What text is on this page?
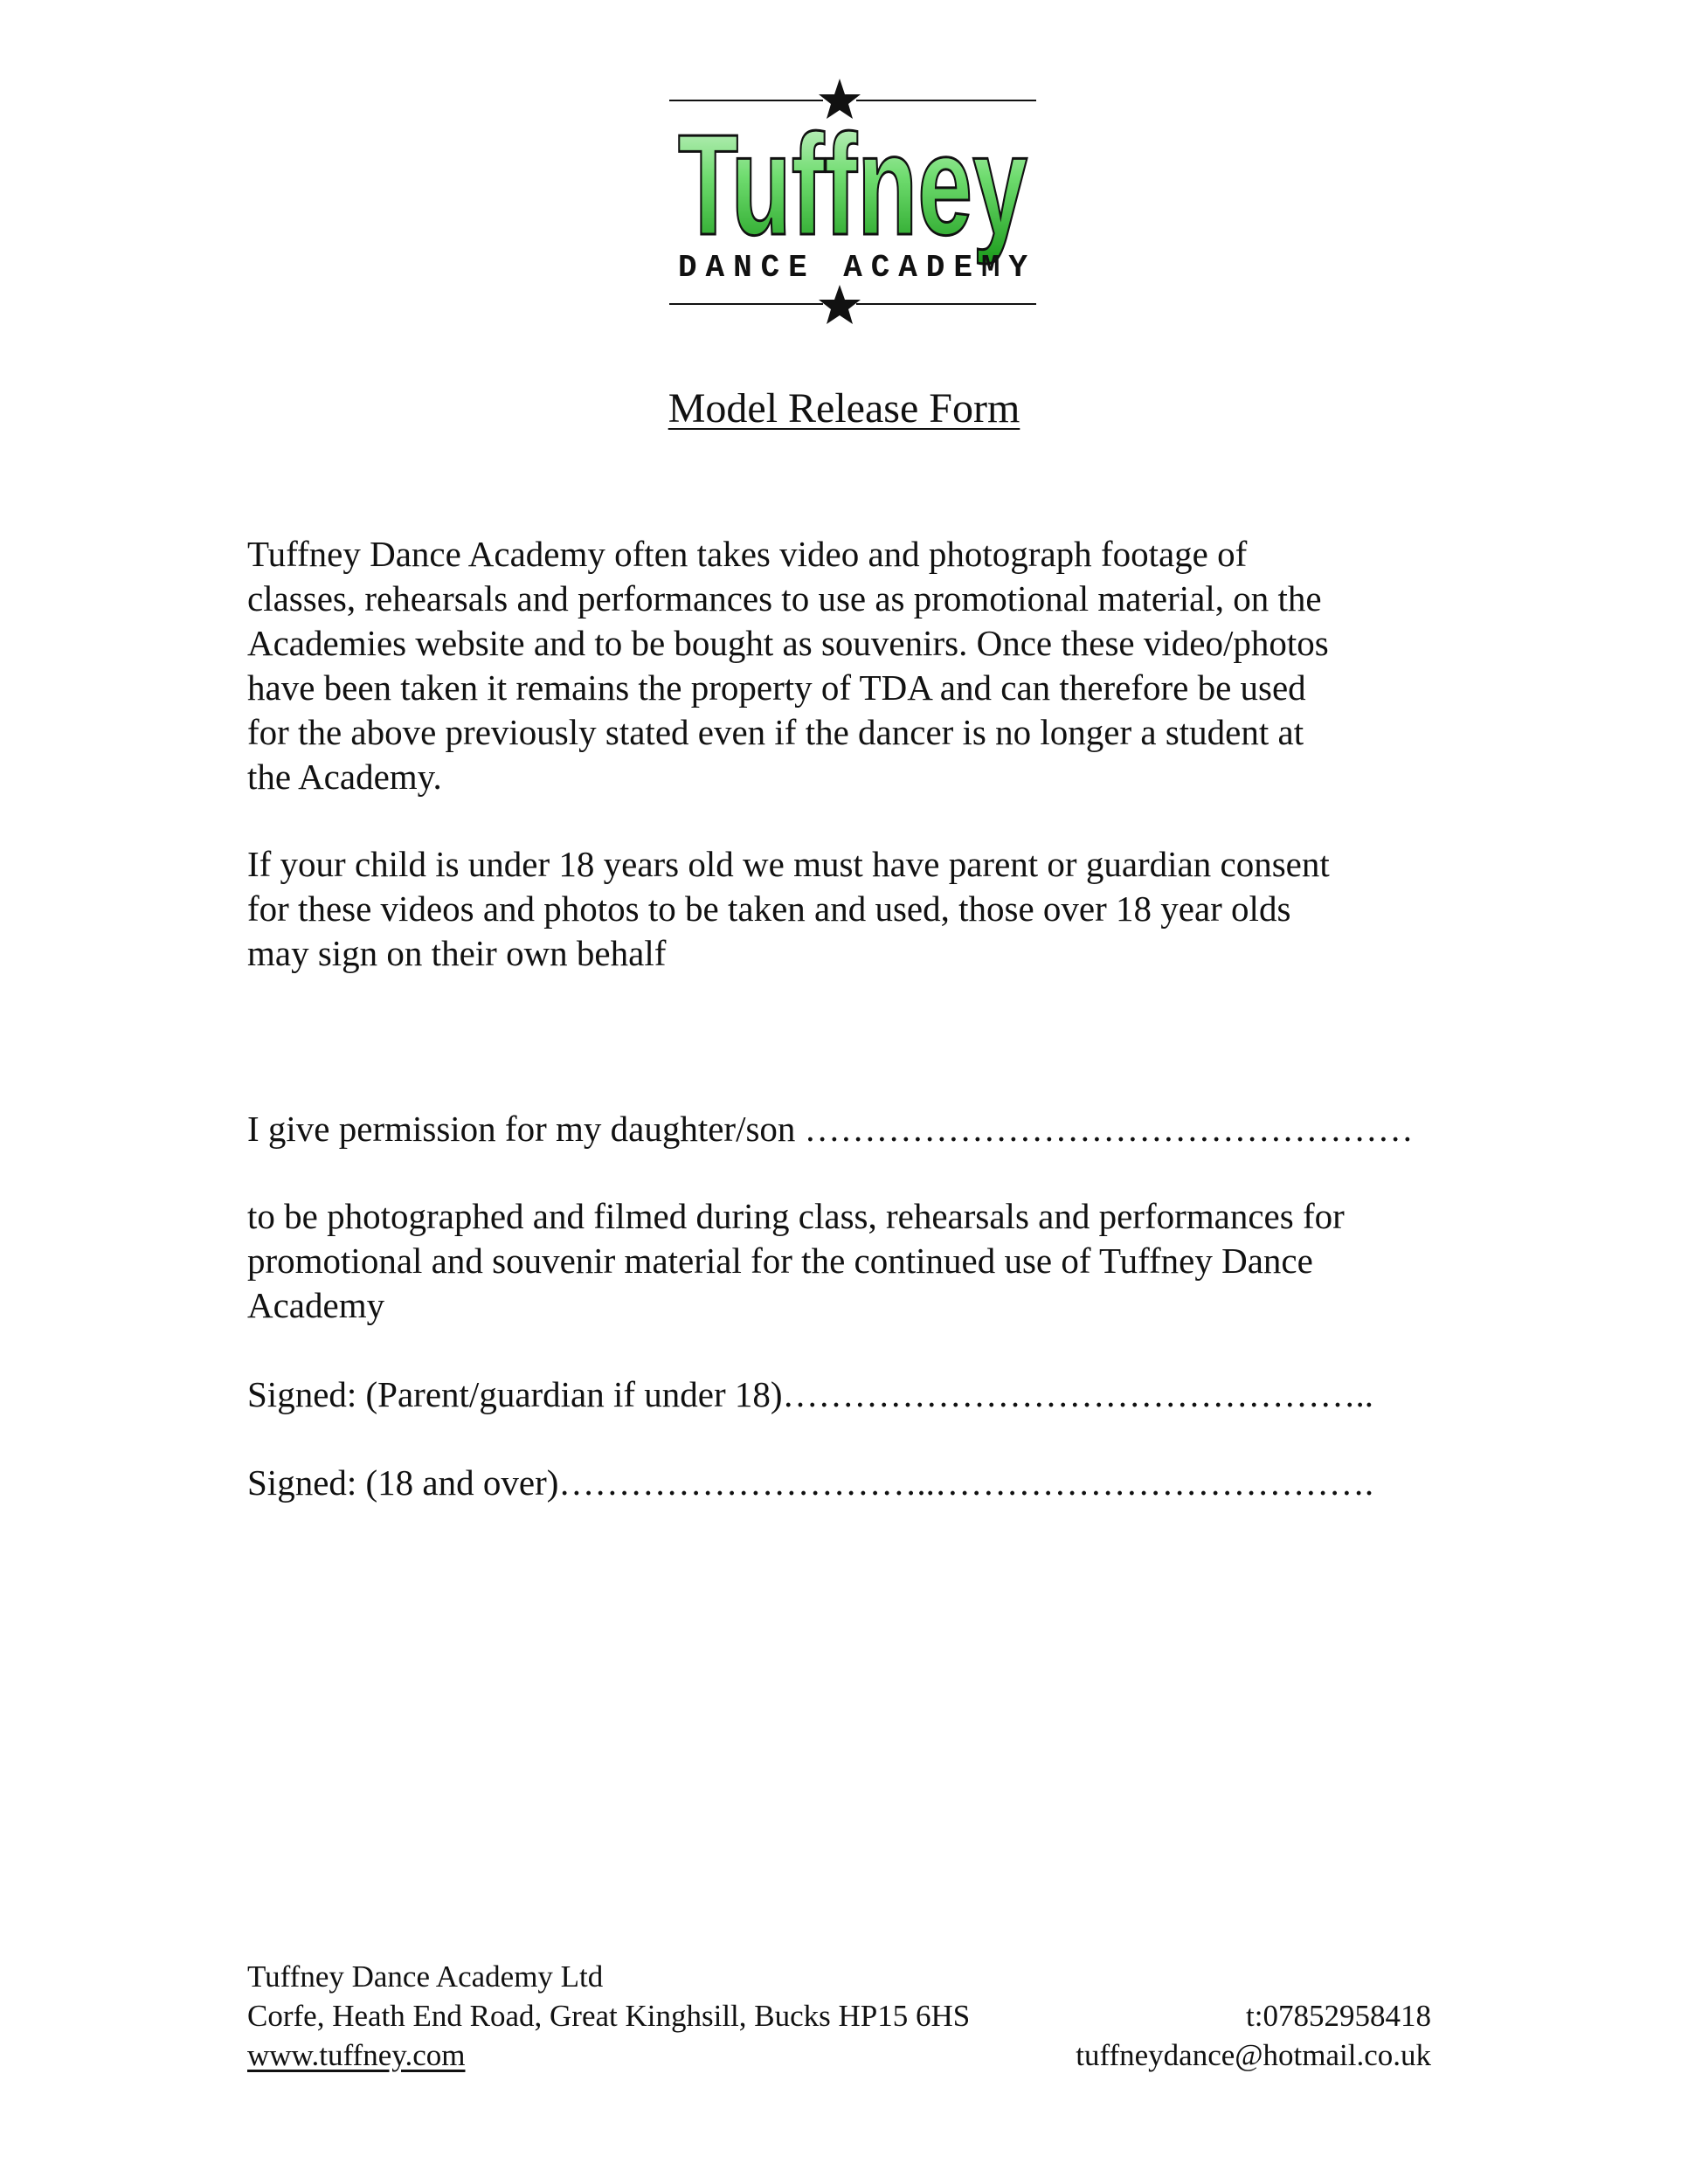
Tuffney
DANCE ACADEMY
Model Release Form

Tuffney Dance Academy often takes video and photograph footage of
classes, rehearsals and performances to use as promotional material, on the
Academies website and to be bought as souvenirs. Once these video/photos
have been taken it remains the property of TDA and can therefore be used
for the above previously stated even if the dancer is no longer a student at
the Academy.

If your child is under 18 years old we must have parent or guardian consent
for these videos and photos to be taken and used, those over 18 year olds
may sign on their own behalf

I give permission for my daughter/son ……………………………………………

to be photographed and filmed during class, rehearsals and performances for
promotional and souvenir material for the continued use of Tuffney Dance
Academy

Signed: (Parent/guardian if under 18)…………………………………………..

Signed: (18 and over)…………………………..……………………………….

Tuffney Dance Academy Ltd
Corfe, Heath End Road, Great Kinghsill, Bucks HP15 6HS	t:07852958418
www.tuffney.com	tuffneydance@hotmail.co.uk
